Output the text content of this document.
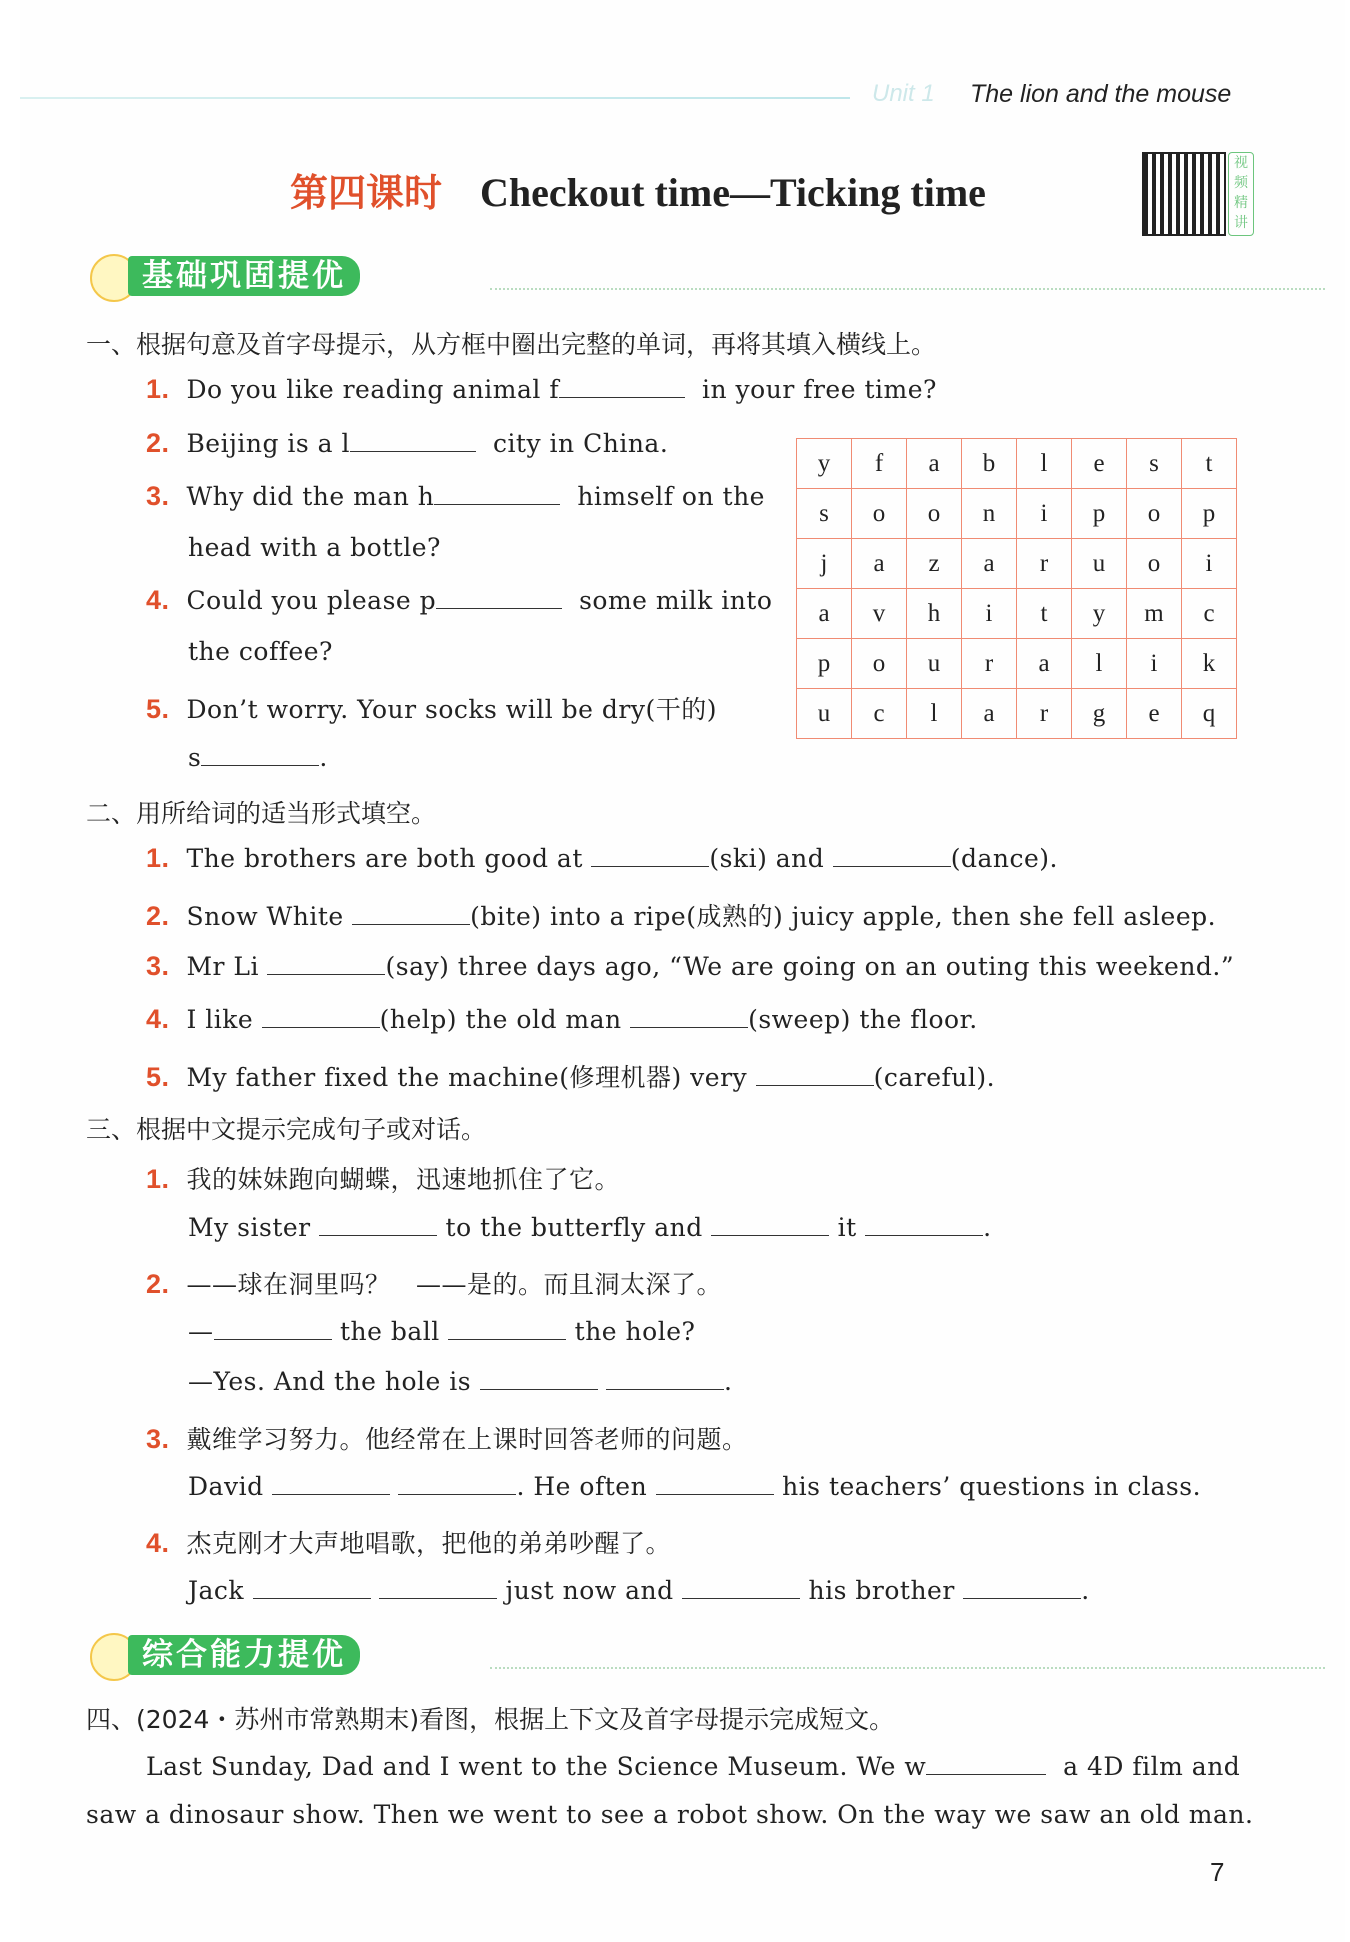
Unit 1 The lion and the mouse
第四课时 Checkout time—Ticking time
视频精讲
基础巩固提优
一、根据句意及首字母提示，从方框中圈出完整的单词，再将其填入横线上。
1. Do you like reading animal f	in your free time?
2. Beijing is a l	city in China.
3. Why did the man h	himself on the
head with a bottle?
4. Could you please p	some milk into
the coffee?
5. Don’t worry. Your socks will be dry(干的)
s	.
y	f	a	b	l	e	s	t
s	o	o	n	i	p	o	p
j	a	z	a	r	u	o	i
a	v	h	i	t	y	m	c
p	o	u	r	a	l	i	k
u	c	l	a	r	g	e	q
二、用所给词的适当形式填空。
1. The brothers are both good at	(ski) and	(dance).
2. Snow White	(bite) into a ripe(成熟的) juicy apple, then she fell asleep.
3. Mr Li	(say) three days ago, “We are going on an outing this weekend.”
4. I like	(help) the old man	(sweep) the floor.
5. My father fixed the machine(修理机器) very	(careful).
三、根据中文提示完成句子或对话。
1. 我的妹妹跑向蝴蝶，迅速地抓住了它。
My sister	to the butterfly and	it	.
2. ——球在洞里吗？　——是的。而且洞太深了。
—	the ball	the hole?
—Yes. And the hole is	.
3. 戴维学习努力。他经常在上课时回答老师的问题。
David	. He often	his teachers’ questions in class.
4. 杰克刚才大声地唱歌，把他的弟弟吵醒了。
Jack	just now and	his brother	.
综合能力提优
四、(2024・苏州市常熟期末)看图，根据上下文及首字母提示完成短文。
Last Sunday, Dad and I went to the Science Museum. We w	a 4D film and
saw a dinosaur show. Then we went to see a robot show. On the way we saw an old man.
7
